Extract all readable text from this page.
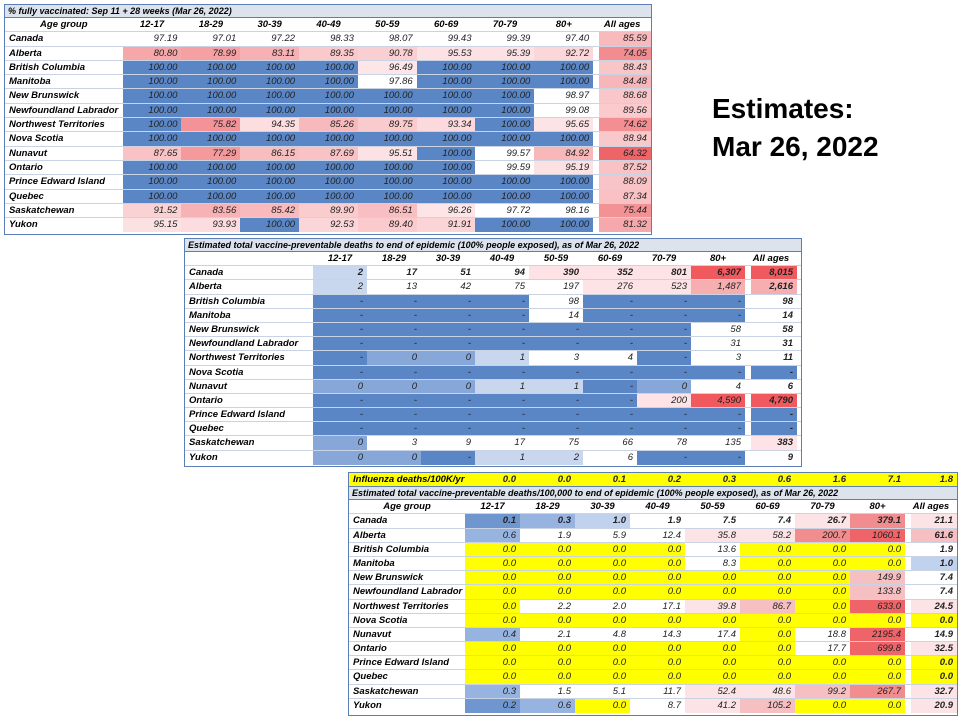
% fully vaccinated: Sep 11 + 28 weeks (Mar 26, 2022)
Age group	12-17	18-29	30-39	40-49	50-59	60-69	70-79	80+	All ages
Canada	97.19	97.01	97.22	98.33	98.07	99.43	99.39	97.40	85.59
Alberta	80.80	78.99	83.11	89.35	90.78	95.53	95.39	92.72	74.05
British Columbia	100.00	100.00	100.00	100.00	96.49	100.00	100.00	100.00	88.43
Manitoba	100.00	100.00	100.00	100.00	97.86	100.00	100.00	100.00	84.48
New Brunswick	100.00	100.00	100.00	100.00	100.00	100.00	100.00	98.97	88.68
Newfoundland Labrador	100.00	100.00	100.00	100.00	100.00	100.00	100.00	99.08	89.56
Northwest Territories	100.00	75.82	94.35	85.26	89.75	93.34	100.00	95.65	74.62
Nova Scotia	100.00	100.00	100.00	100.00	100.00	100.00	100.00	100.00	88.94
Nunavut	87.65	77.29	86.15	87.69	95.51	100.00	99.57	84.92	64.32
Ontario	100.00	100.00	100.00	100.00	100.00	100.00	99.59	95.19	87.52
Prince Edward Island	100.00	100.00	100.00	100.00	100.00	100.00	100.00	100.00	88.09
Quebec	100.00	100.00	100.00	100.00	100.00	100.00	100.00	100.00	87.34
Saskatchewan	91.52	83.56	85.42	89.90	86.51	96.26	97.72	98.16	75.44
Yukon	95.15	93.93	100.00	92.53	89.40	91.91	100.00	100.00	81.32
Estimated total vaccine-preventable deaths to end of epidemic (100% people exposed), as of Mar 26, 2022
12-17	18-29	30-39	40-49	50-59	60-69	70-79	80+	All ages
Canada	2	17	51	94	390	352	801	6,307	8,015
Alberta	2	13	42	75	197	276	523	1,487	2,616
British Columbia	-	-	-	-	98	-	-	-	98
Manitoba	-	-	-	-	14	-	-	-	14
New Brunswick	-	-	-	-	-	-	-	58	58
Newfoundland Labrador	-	-	-	-	-	-	-	31	31
Northwest Territories	-	0	0	1	3	4	-	3	11
Nova Scotia	-	-	-	-	-	-	-	-	-
Nunavut	0	0	0	1	1	-	0	4	6
Ontario	-	-	-	-	-	-	200	4,590	4,790
Prince Edward Island	-	-	-	-	-	-	-	-	-
Quebec	-	-	-	-	-	-	-	-	-
Saskatchewan	0	3	9	17	75	66	78	135	383
Yukon	0	0	-	1	2	6	-	-	9
Influenza deaths/100K/yr	0.0	0.0	0.1	0.2	0.3	0.6	1.6	7.1	1.8
Estimated total vaccine-preventable deaths/100,000 to end of epidemic (100% people exposed), as of Mar 26, 2022
Age group	12-17	18-29	30-39	40-49	50-59	60-69	70-79	80+	All ages
Canada	0.1	0.3	1.0	1.9	7.5	7.4	26.7	379.1	21.1
Alberta	0.6	1.9	5.9	12.4	35.8	58.2	200.7	1060.1	61.6
British Columbia	0.0	0.0	0.0	0.0	13.6	0.0	0.0	0.0	1.9
Manitoba	0.0	0.0	0.0	0.0	8.3	0.0	0.0	0.0	1.0
New Brunswick	0.0	0.0	0.0	0.0	0.0	0.0	0.0	149.9	7.4
Newfoundland Labrador	0.0	0.0	0.0	0.0	0.0	0.0	0.0	133.8	7.4
Northwest Territories	0.0	2.2	2.0	17.1	39.8	86.7	0.0	633.0	24.5
Nova Scotia	0.0	0.0	0.0	0.0	0.0	0.0	0.0	0.0	0.0
Nunavut	0.4	2.1	4.8	14.3	17.4	0.0	18.8	2195.4	14.9
Ontario	0.0	0.0	0.0	0.0	0.0	0.0	17.7	699.8	32.5
Prince Edward Island	0.0	0.0	0.0	0.0	0.0	0.0	0.0	0.0	0.0
Quebec	0.0	0.0	0.0	0.0	0.0	0.0	0.0	0.0	0.0
Saskatchewan	0.3	1.5	5.1	11.7	52.4	48.6	99.2	267.7	32.7
Yukon	0.2	0.6	0.0	8.7	41.2	105.2	0.0	0.0	20.9
Estimates:
Mar 26, 2022
